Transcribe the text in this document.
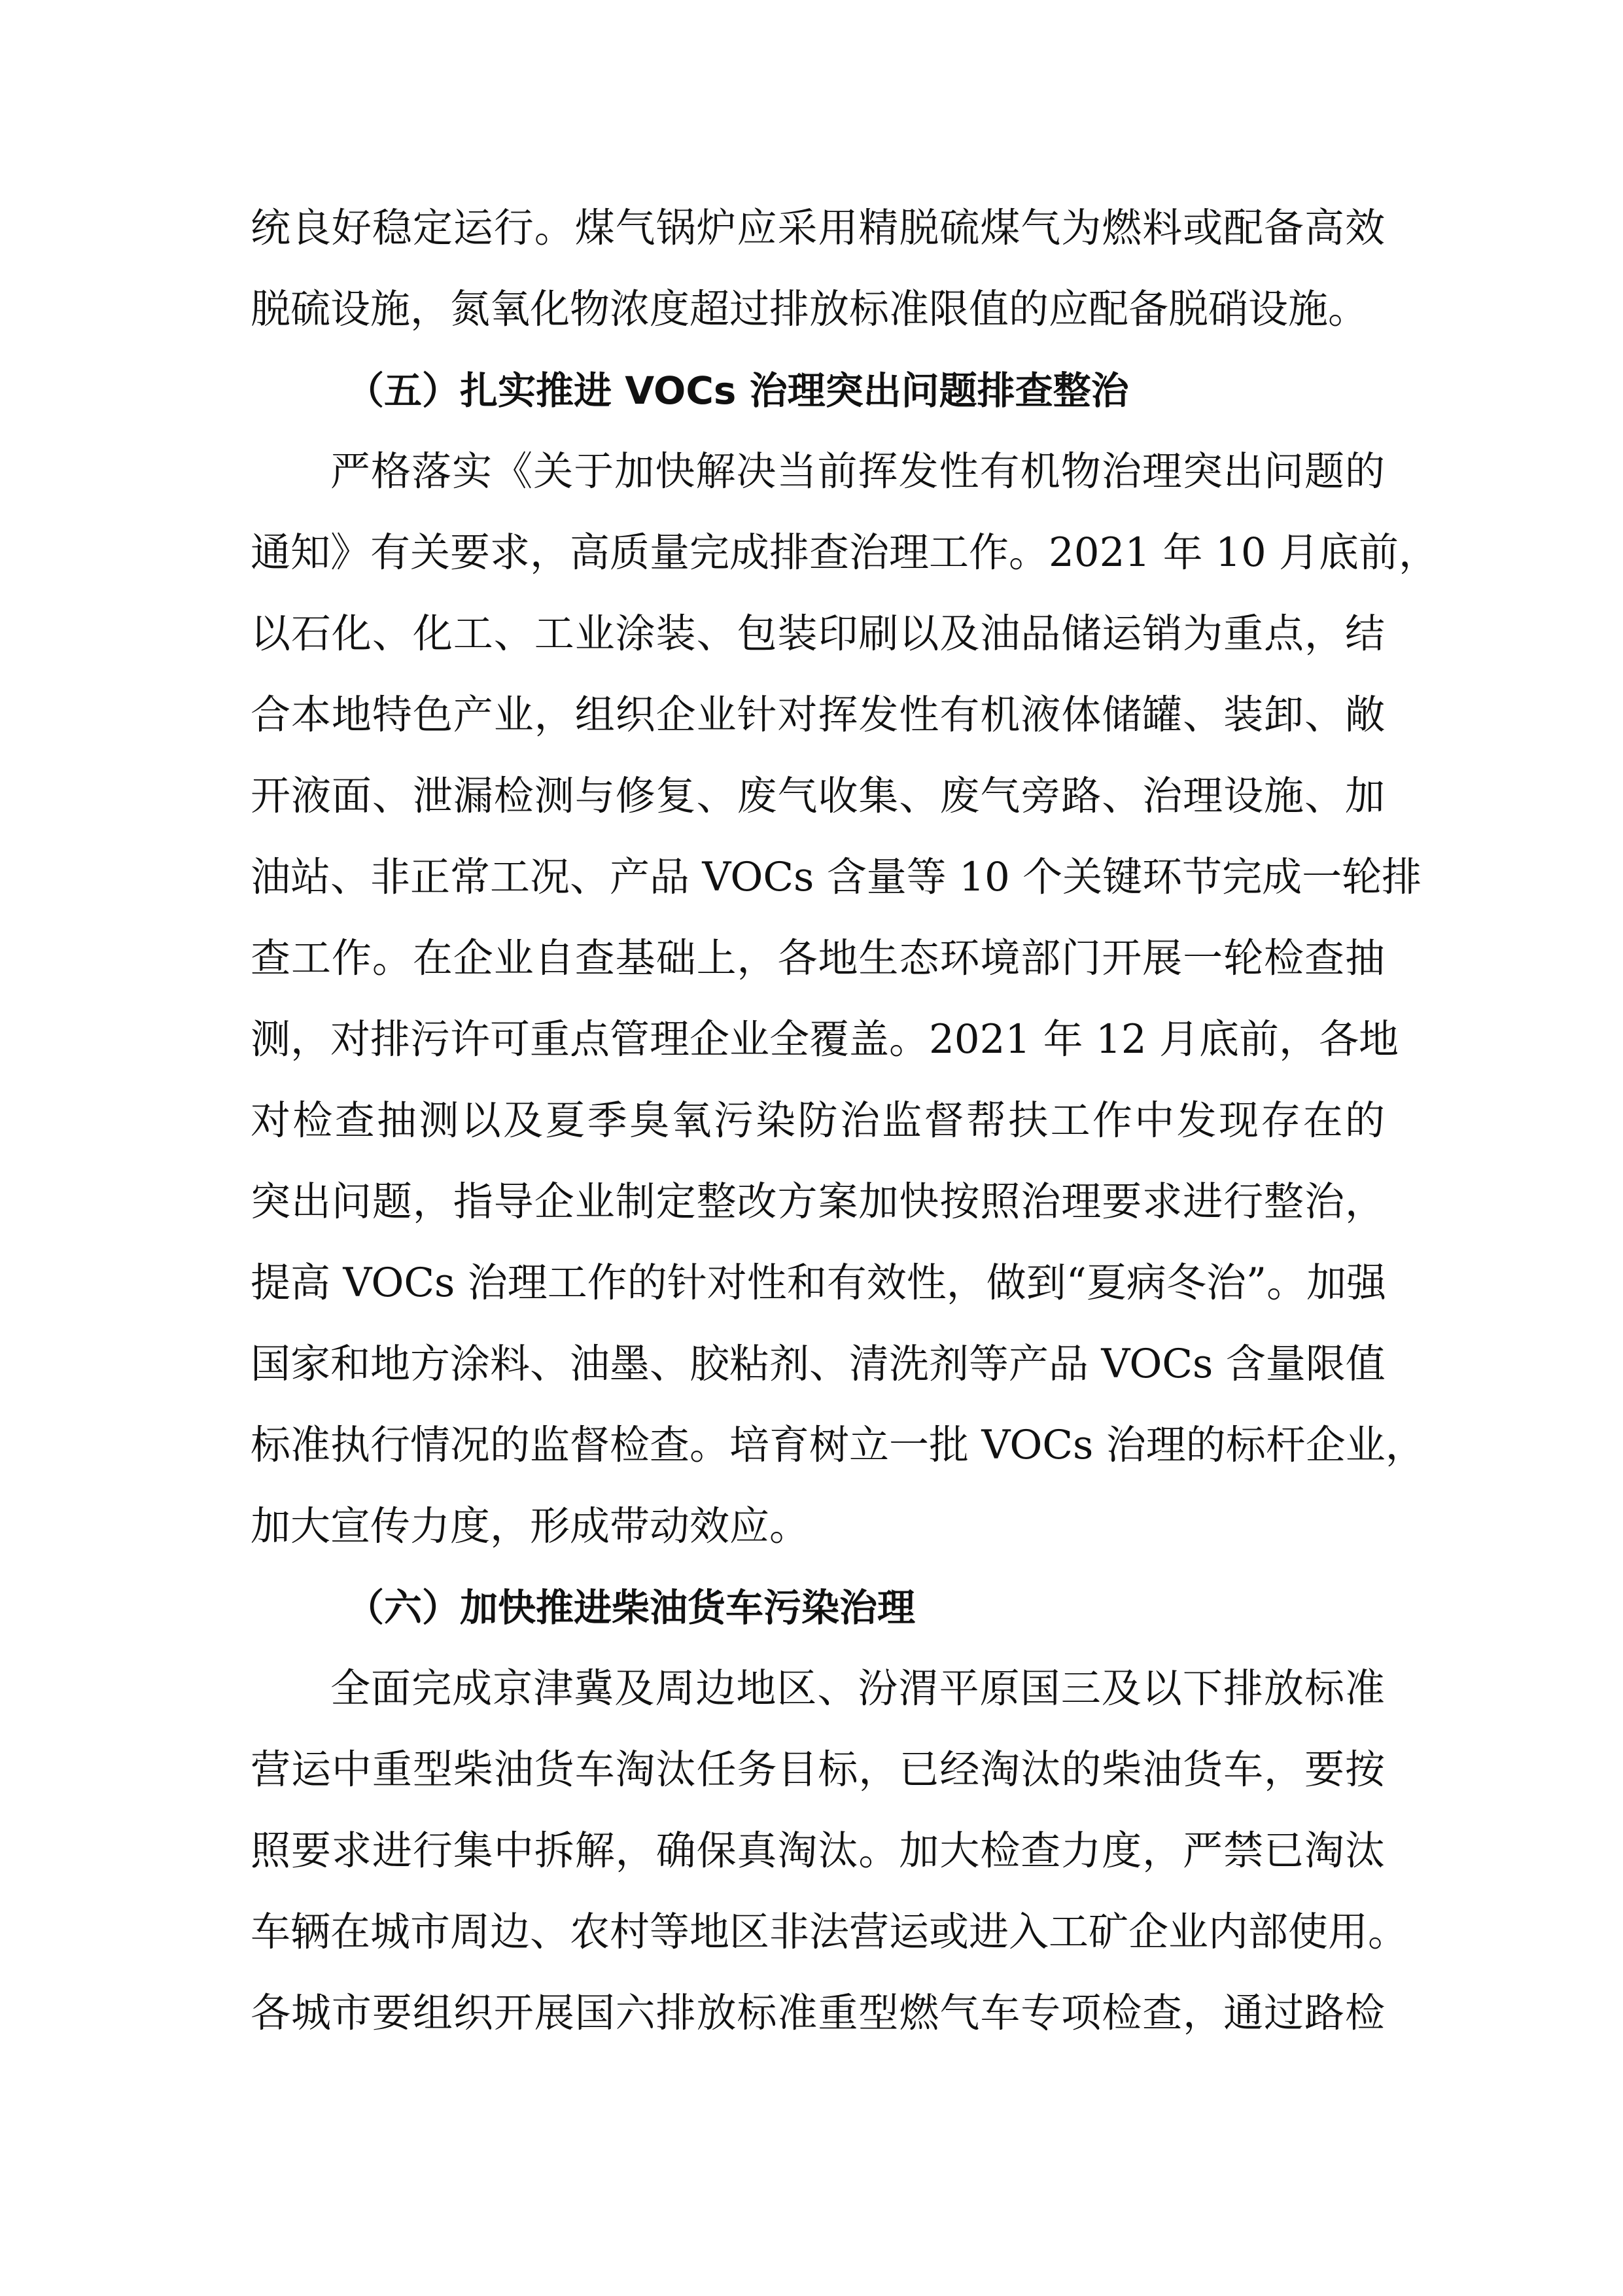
统良好稳定运行。煤气锅炉应采用精脱硫煤气为燃料或配备高效
脱硫设施，氮氧化物浓度超过排放标准限值的应配备脱硝设施。
（五）扎实推进 VOCs 治理突出问题排查整治
严格落实《关于加快解决当前挥发性有机物治理突出问题的
通知》有关要求，高质量完成排查治理工作。2021 年 10 月底前，
以石化、化工、工业涂装、包装印刷以及油品储运销为重点，结
合本地特色产业，组织企业针对挥发性有机液体储罐、装卸、敞
开液面、泄漏检测与修复、废气收集、废气旁路、治理设施、加
油站、非正常工况、产品 VOCs 含量等 10 个关键环节完成一轮排
查工作。在企业自查基础上，各地生态环境部门开展一轮检查抽
测，对排污许可重点管理企业全覆盖。2021 年 12 月底前，各地
对检查抽测以及夏季臭氧污染防治监督帮扶工作中发现存在的
突出问题，指导企业制定整改方案加快按照治理要求进行整治，
提高 VOCs 治理工作的针对性和有效性，做到“夏病冬治”。加强
国家和地方涂料、油墨、胶粘剂、清洗剂等产品 VOCs 含量限值
标准执行情况的监督检查。培育树立一批 VOCs 治理的标杆企业，
加大宣传力度，形成带动效应。
（六）加快推进柴油货车污染治理
全面完成京津冀及周边地区、汾渭平原国三及以下排放标准
营运中重型柴油货车淘汰任务目标，已经淘汰的柴油货车，要按
照要求进行集中拆解，确保真淘汰。加大检查力度，严禁已淘汰
车辆在城市周边、农村等地区非法营运或进入工矿企业内部使用。
各城市要组织开展国六排放标准重型燃气车专项检查，通过路检
